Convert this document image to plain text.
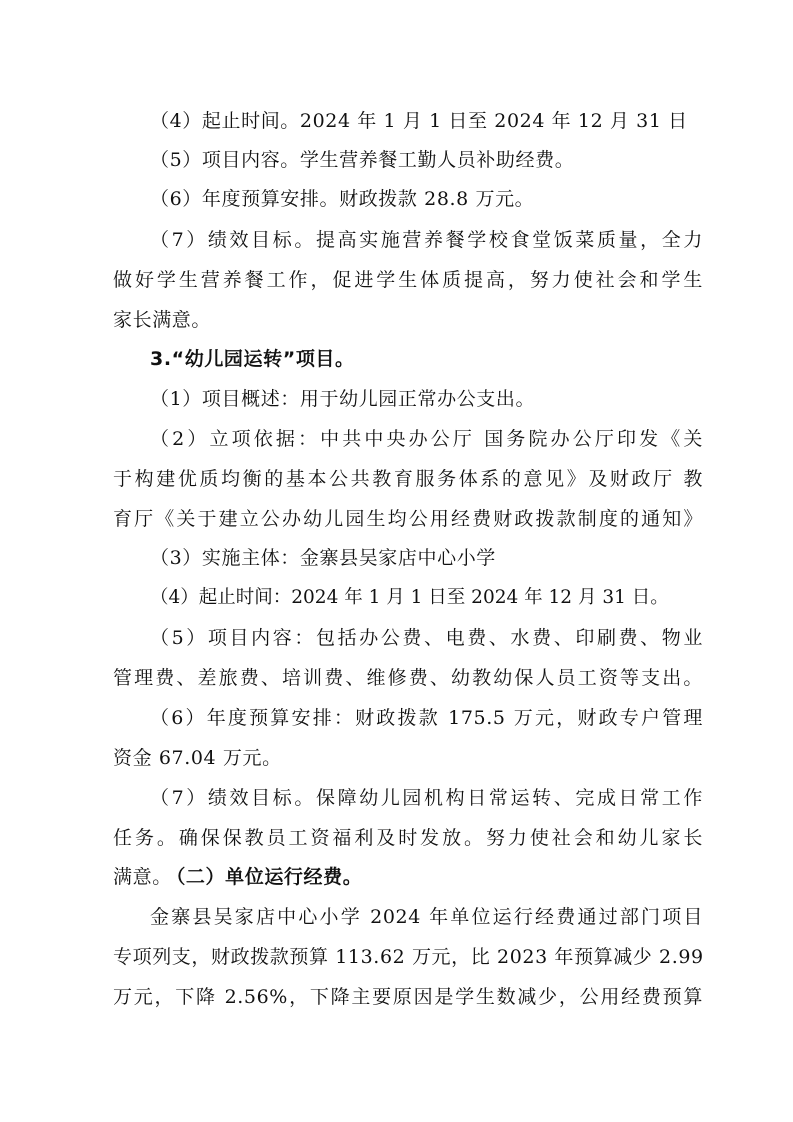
（4）起止时间。2024 年 1 月 1 日至 2024 年 12 月 31 日
（5）项目内容。学生营养餐工勤人员补助经费。
（6）年度预算安排。财政拨款 28.8 万元。
（7）绩效目标。提高实施营养餐学校食堂饭菜质量，全力
做好学生营养餐工作，促进学生体质提高，努力使社会和学生
家长满意。
3.“幼儿园运转”项目。
（1）项目概述：用于幼儿园正常办公支出。
（2）立项依据：中共中央办公厅 国务院办公厅印发《关
于构建优质均衡的基本公共教育服务体系的意见》及财政厅 教
育厅《关于建立公办幼儿园生均公用经费财政拨款制度的通知》
（3）实施主体：金寨县吴家店中心小学
（4）起止时间：2024 年 1 月 1 日至 2024 年 12 月 31 日。
（5）项目内容：包括办公费、电费、水费、印刷费、物业
管理费、差旅费、培训费、维修费、幼教幼保人员工资等支出。
（6）年度预算安排：财政拨款 175.5 万元，财政专户管理
资金 67.04 万元。
（7）绩效目标。保障幼儿园机构日常运转、完成日常工作
任务。确保保教员工资福利及时发放。努力使社会和幼儿家长
满意。 （二）单位运行经费。
金寨县吴家店中心小学 2024 年单位运行经费通过部门项目
专项列支，财政拨款预算 113.62 万元，比 2023 年预算减少 2.99
万元，下降 2.56%，下降主要原因是学生数减少，公用经费预算
